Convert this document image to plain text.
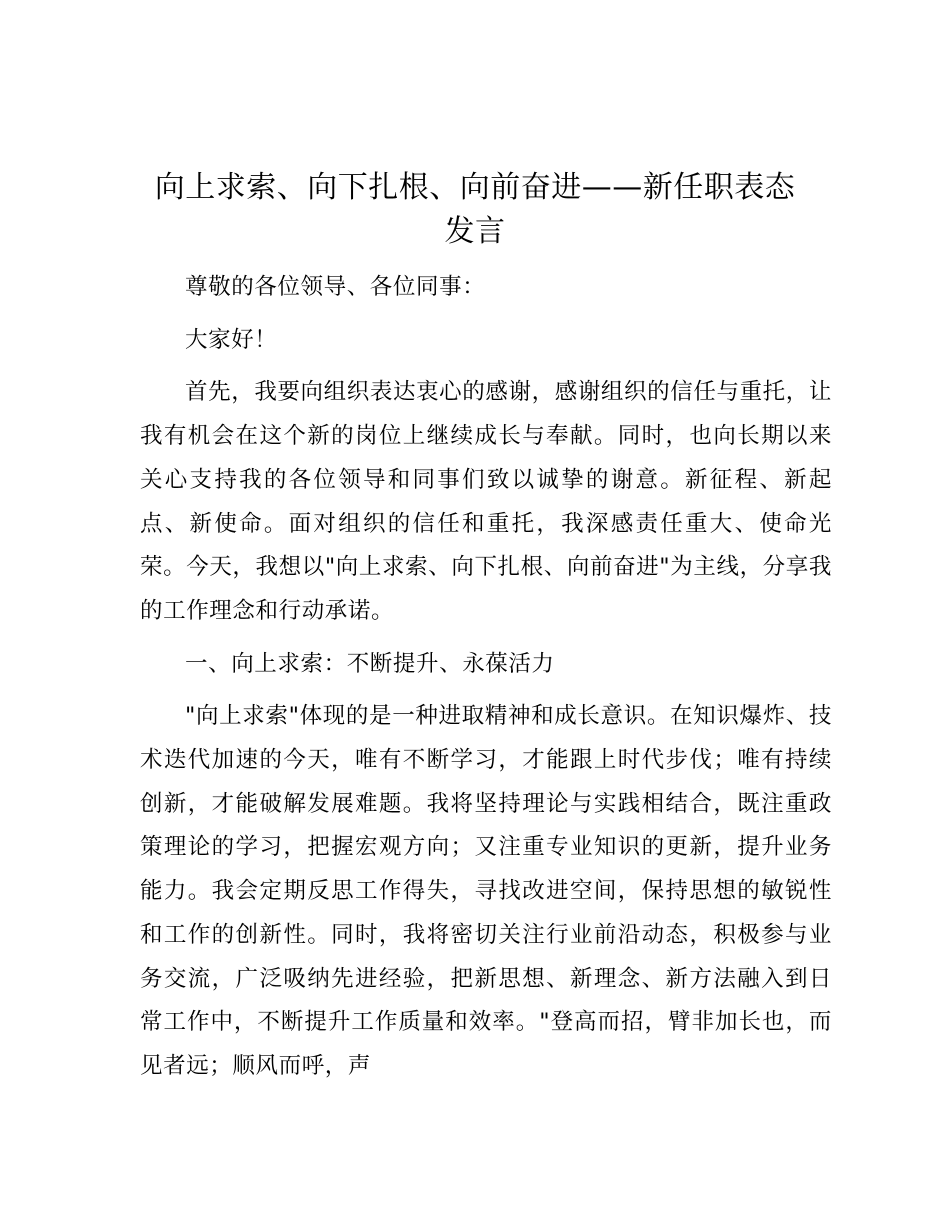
向上求索、向下扎根、向前奋进——新任职表态发言

尊敬的各位领导、各位同事：

大家好！

首先，我要向组织表达衷心的感谢，感谢组织的信任与重托，让我有机会在这个新的岗位上继续成长与奉献。同时，也向长期以来关心支持我的各位领导和同事们致以诚挚的谢意。新征程、新起点、新使命。面对组织的信任和重托，我深感责任重大、使命光荣。今天，我想以"向上求索、向下扎根、向前奋进"为主线，分享我的工作理念和行动承诺。

一、向上求索：不断提升、永葆活力

"向上求索"体现的是一种进取精神和成长意识。在知识爆炸、技术迭代加速的今天，唯有不断学习，才能跟上时代步伐；唯有持续创新，才能破解发展难题。我将坚持理论与实践相结合，既注重政策理论的学习，把握宏观方向；又注重专业知识的更新，提升业务能力。我会定期反思工作得失，寻找改进空间，保持思想的敏锐性和工作的创新性。同时，我将密切关注行业前沿动态，积极参与业务交流，广泛吸纳先进经验，把新思想、新理念、新方法融入到日常工作中，不断提升工作质量和效率。"登高而招，臂非加长也，而见者远；顺风而呼，声
